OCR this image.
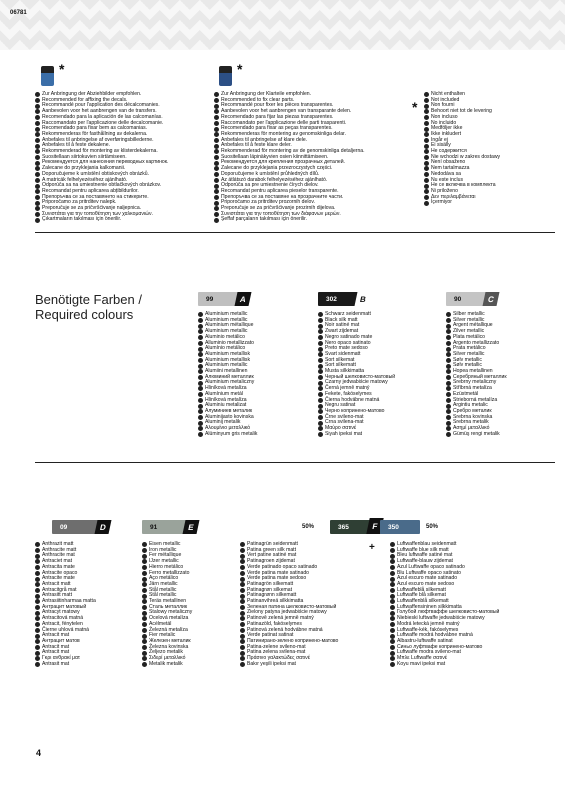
06781
*	*
*
Zur Anbringung der Abziehbilder empfohlen.
Recommended for affixing the decals.
Recommandé pour l'application des décalcomanies.
Aanbevolen voor het aanbrengen van de transfers.
Recomendado para la aplicación de las calcomanías.
Raccomandato per l'applicazione delle decalcomanie.
Recomendado para fixar bem as calcomanias.
Rekommenderas för fasthållning av dekalerna.
Anbefales til anbringelse af overføringsbillederne.
Anbefales til å feste dekalene.
Rekommenderad för montering av klisterdekalerna.
Suositellaan siirtokuvien siirtämiseen.
Рекомендуется для нанесения переводных картинок.
Zalecane do przyklejania kalkomanii.
Doporučujeme k umístění obtiskových obrázků.
A matricák felhelyezéséhez ajánlható.
Odporúča sa na umiestnenie obtlačkových obrázkov.
Recomandat pentru aplicarea abțibildurilor.
Препоръчва се за поставянето на стикерите.
Priporočamo za pritrditev nalepk.
Preporučuje se za pričvršćivanje naljepnica.
Συνιστάται για την τοποθέτηση των χαλκομανιών.
Çıkartmaların takılması için önerilir.
Zur Anbringung der Klarteile empfohlen.
Recommended to fix clear parts.
Recommandé pour fixer les pièces transparentes.
Aanbevolen voor het aanbrengen van transparante delen.
Recomendado para fijar las piezas transparentes.
Raccomandato per l'applicazione delle parti trasparenti.
Recomendado para fixar as peças transparentes.
Rekommenderas för montering av genomskinliga delar.
Anbefales til anbringelse af klare dele.
Anbefales til å feste klare deler.
Rekommenderad för montering av de genomskinliga detaljerna.
Suositellaan läpinäkyvien osien kiinnittämiseen.
Рекомендуется для крепления прозрачных деталей.
Zalecane do przyklejania przezroczystych części.
Doporučujeme k umístění průhledných dílů.
Az átlátszó darabok felhelyezéséhez ajánlható.
Odporúča sa pre umiestnenie čírych dielov.
Recomandat pentru aplicarea pieselor transparente.
Препоръчва се за поставяне на прозрачните части.
Priporočamo za pritrditev prozornih delov.
Preporučuje se za pričvršćivanje prozirnih dijelova.
Συνιστάται για την τοποθέτηση των διάφανων μερών.
Şeffaf parçaların takılması için önerilir.
Nicht enthalten
Not included
Non fourni
Behoort niet tot de levering
Non incluso
No incluido
Medföljer ikke
Ikke inkludert
Ingår ej
Ei sisälly
Не содержится
Nie wchodzi w zakres dostawy
Není obsaženo
Nem tartalmazza
Nedodáva sa
Nu este inclus
Не се включва в комплекта
Ni priloženo
Δεν περιλαμβάνεται
İçermiyor
Benötigte Farben /
Required colours
99	A	302	B	90	C
Aluminium metallic
Aluminium metallic
Aluminium métallique
Aluminium metallic
Aluminio metálico
Alluminio metallizzato
Alumínio metálico
Aluminium metallisk
Aluminium metallisk
Aluminium metallic
Alumiini metallinen
Алюминий металлик
Aluminium metaliczny
Hliníková metalíza
Alumínium metál
Hliníková metalíza
Aluminiu metalizat
Алуминиев металик
Aluminijasto kovinska
Aluminij metalik
Αλουμίνιο μεταλλικό
Alüminyum gris metalik
Schwarz seidenmatt
Black silk matt
Noir satiné mat
Zwart zijdemat
Negro satinado mate
Nero opaco satinato
Preto mate sedoso
Svart sidenmatt
Sort silkemat
Sort silkematt
Musta silkkimatta
Черный шелковисто-матовый
Czarny jedwabiście matowy
Černá jemně matný
Fekete, fakóselymes
Čierna hodvábne matná
Negru satinat
Черно копринено-матово
Črne svileno-mat
Crna svilena-mat
Μαύρο σατινέ
Siyah ipeksi mat
Silber metallic
Silver metallic
Argent métallique
Zilver metallic
Plata metálico
Argento metallizzato
Prata metálico
Silver metallic
Sølv metallic
Sølv metallic
Hopea metallinen
Серебряный металлик
Srebrny metaliczny
Stříbrná metalíza
Ezüstmetál
Strieborná metalíza
Argintiu metalic
Сребро металик
Srebrna kovinska
Srebrna metalik
Ασημί μεταλλικό
Gümüş rengi metalik
09	D	91	E	50%	365	F	350	50%
+
Anthrazit matt
Anthracite matt
Anthracite mat
Antraciet mat
Antracita mate
Antracite opaco
Antracite mate
Antracit matt
Antracitgrå mat
Antrasitt matt
Antrasiitinharmaa matta
Антрацит матовый
Antracyt matowy
Antracitová matná
Antracit, fénytelen
Čierne uhlová matná
Antracit mat
Антрацит матов
Antracit mat
Antracit mat
Γκρι ανθρακί ματ
Antrasit mat
Eisen metallic
Iron metallic
Fer métallique
IJzer metallic
Hierro metálico
Ferro metallizzato
Aço metálico
Järn metallic
Stål metallic
Stål metallic
Teräs metallinen
Сталь металлик
Stalowy metaliczny
Ocelová metalíza
Acélmetál
Železná metalíza
Fier metalic
Железен металик
Železna kovinska
Željezo metalik
Σιδερί μεταλλικό
Metalik metalik
Patinagrün seidenmatt
Patina green silk matt
Vert patine satiné mat
Patinagroen zijdemat
Verde patinado opaco satinado
Verde patina mate satinado
Verde patina mate sedoso
Patinagrön silkematt
Patinagrøn silkemat
Patinagrønn silkematt
Patinanvihreä silkkimatta
Зеленая патина шелковисто-матовый
Zielony patyna jedwabiście matowy
Patinově zelená jemně matný
Patinazöld, fakóselymes
Patinová zelená hodvábne matná
Verde patinat satinat
Патинирано-зелено копринено-матово
Patina-zelene svileno-mat
Patina zelena svilena-mat
Πράσινο γαλακτώδες σατινέ
Bakır yeşili ipeksi mat
Luftwaffenblau seidenmatt
Luftwaffe blue silk matt
Bleu luftwaffe satiné mat
Luftwaffe-blauw zijdemat
Azul Luftwaffe opaco satinado
Blu Luftwaffe opaco satinato
Azul escuro mate satinado
Azul escuro mate sedoso
Luftwaffeblå silkematt
Luftwaffe blå silkemat
Luftwaffenblå silkematt
Luftwaffensininen silkkimatta
Голубой люфтваффе шелковисто-матовый
Niebieski luftwaffe jedwabiście matowy
Modrá letecká jemně matný
Luftwaffe-kék, fakóselymes
Luftwaffe modrá hodvábne matná
Albastru-luftwaffe satinat
Синьо луфтвафе копринено-матово
Luftwaffe modra svileno-mat
Μπλε Luftwaffe σατινέ
Koyu mavi ipeksi mat
4
